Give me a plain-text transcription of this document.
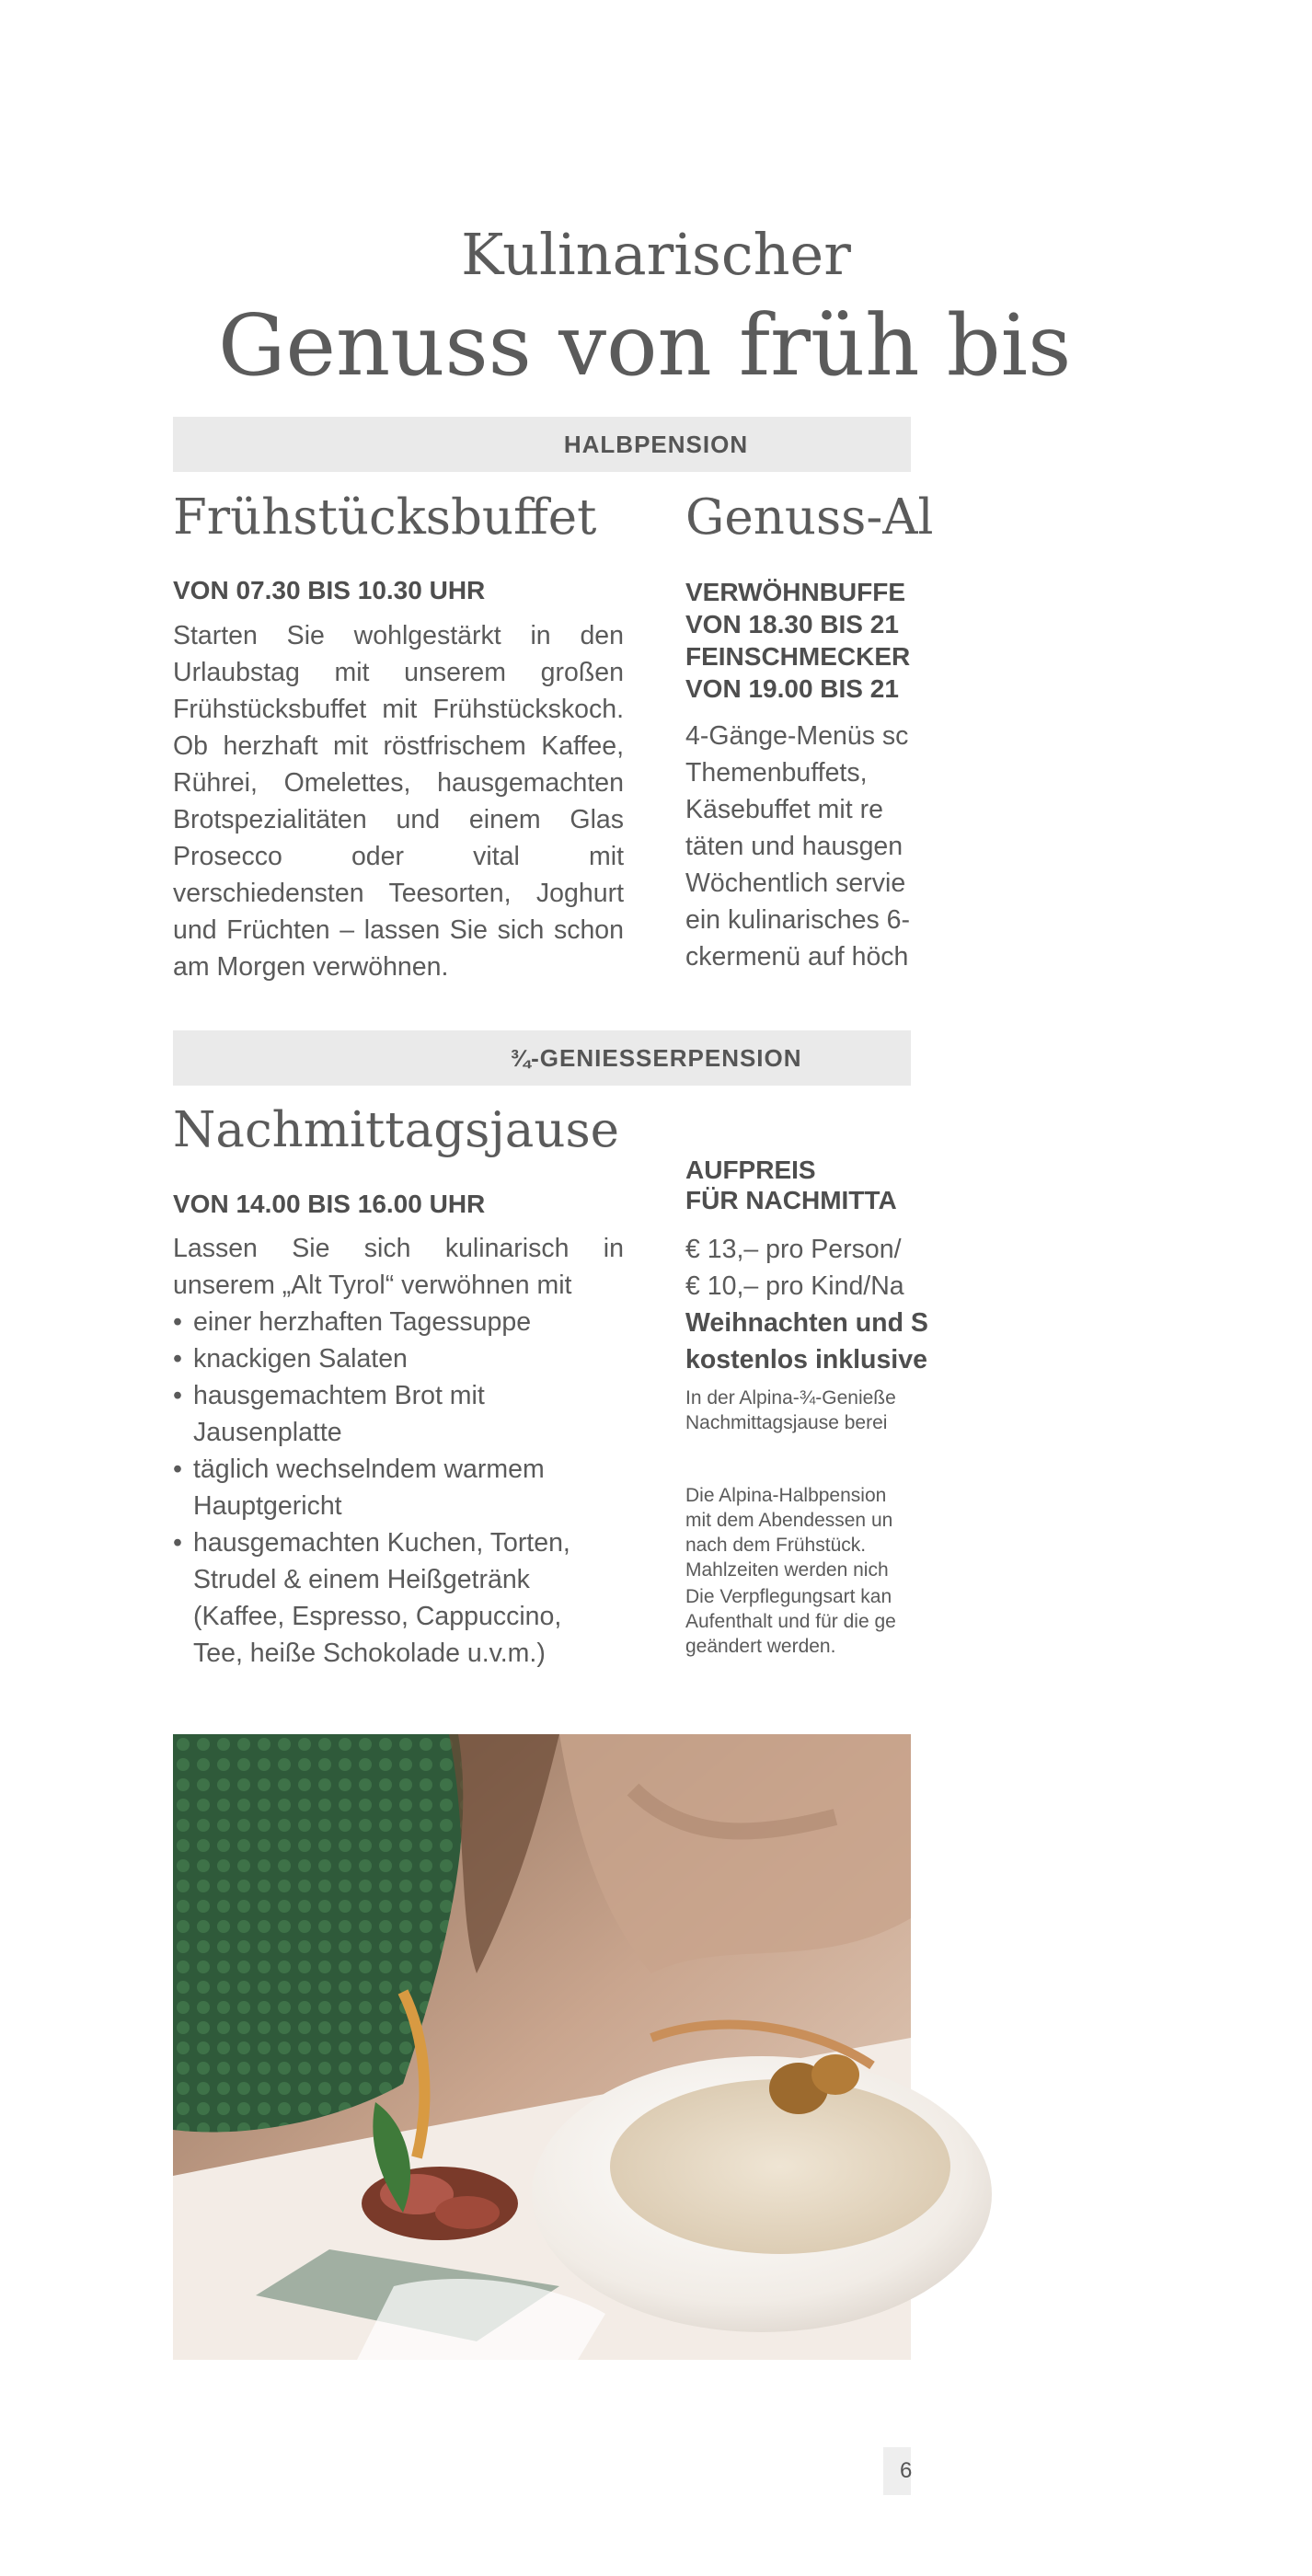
Kulinarischer
Genuss von früh bis
HALBPENSION
Frühstücksbuffet
VON 07.30 BIS 10.30 UHR
Starten Sie wohlgestärkt in den Urlaubstag mit unserem großen Frühstücksbuffet mit Frühstückskoch. Ob herzhaft mit röstfrischem Kaffee, Rührei, Omelettes, hausgemachten Brotspezialitäten und einem Glas Prosecco oder vital mit verschiedensten Teesorten, Joghurt und Früchten – lassen Sie sich schon am Morgen verwöhnen.
Genuss-Al
VERWÖHNBUFFE
VON 18.30 BIS 21
FEINSCHMECKER
VON 19.00 BIS 21
4-Gänge-Menüs sc
Themenbuffets,
Käsebuffet mit re
täten und hausgen
Wöchentlich servie
ein kulinarisches 6-
ckermenü auf höch
¾-GENIESSERPENSION
Nachmittagsjause
VON 14.00 BIS 16.00 UHR
Lassen Sie sich kulinarisch in unserem „Alt Tyrol“ verwöhnen mit
• einer herzhaften Tagessuppe
• knackigen Salaten
• hausgemachtem Brot mit Jausenplatte
• täglich wechselndem warmem Hauptgericht
• hausgemachten Kuchen, Torten, Strudel & einem Heißgetränk (Kaffee, Espresso, Cappuccino, Tee, heiße Schokolade u.v.m.)
AUFPREIS
FÜR NACHMITTA
€ 13,– pro Person/
€ 10,– pro Kind/Na
Weihnachten und S
kostenlos inklusive
In der Alpina-¾-Genieße
Nachmittagsjause berei
Die Alpina-Halbpension
mit dem Abendessen un
nach dem Frühstück.
Mahlzeiten werden nich
Die Verpflegungsart kan
Aufenthalt und für die ge
geändert werden.
6
